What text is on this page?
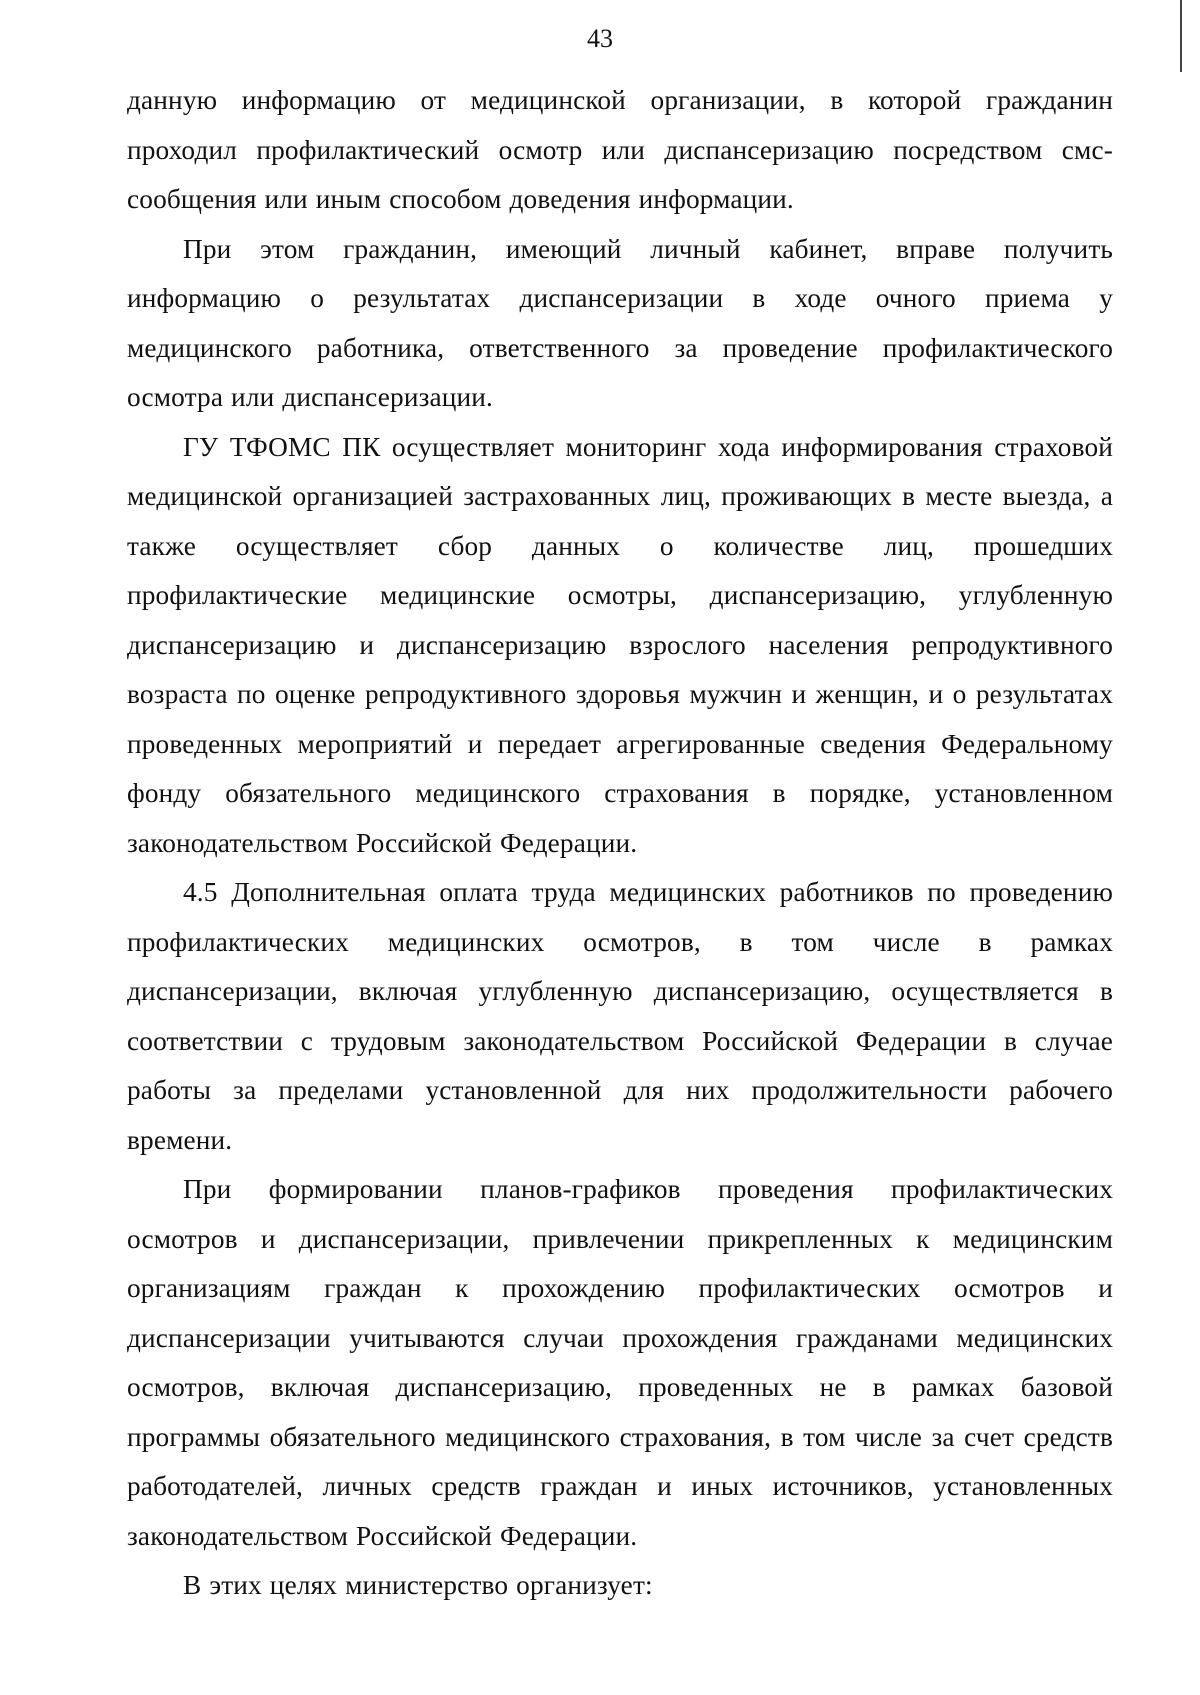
43

данную информацию от медицинской организации, в которой гражданин проходил профилактический осмотр или диспансеризацию посредством смс-сообщения или иным способом доведения информации.

При этом гражданин, имеющий личный кабинет, вправе получить информацию о результатах диспансеризации в ходе очного приема у медицинского работника, ответственного за проведение профилактического осмотра или диспансеризации.

ГУ ТФОМС ПК осуществляет мониторинг хода информирования страховой медицинской организацией застрахованных лиц, проживающих в месте выезда, а также осуществляет сбор данных о количестве лиц, прошедших профилактические медицинские осмотры, диспансеризацию, углубленную диспансеризацию и диспансеризацию взрослого населения репродуктивного возраста по оценке репродуктивного здоровья мужчин и женщин, и о результатах проведенных мероприятий и передает агрегированные сведения Федеральному фонду обязательного медицинского страхования в порядке, установленном законодательством Российской Федерации.

4.5 Дополнительная оплата труда медицинских работников по проведению профилактических медицинских осмотров, в том числе в рамках диспансеризации, включая углубленную диспансеризацию, осуществляется в соответствии с трудовым законодательством Российской Федерации в случае работы за пределами установленной для них продолжительности рабочего времени.

При формировании планов-графиков проведения профилактических осмотров и диспансеризации, привлечении прикрепленных к медицинским организациям граждан к прохождению профилактических осмотров и диспансеризации учитываются случаи прохождения гражданами медицинских осмотров, включая диспансеризацию, проведенных не в рамках базовой программы обязательного медицинского страхования, в том числе за счет средств работодателей, личных средств граждан и иных источников, установленных законодательством Российской Федерации.

В этих целях министерство организует:
